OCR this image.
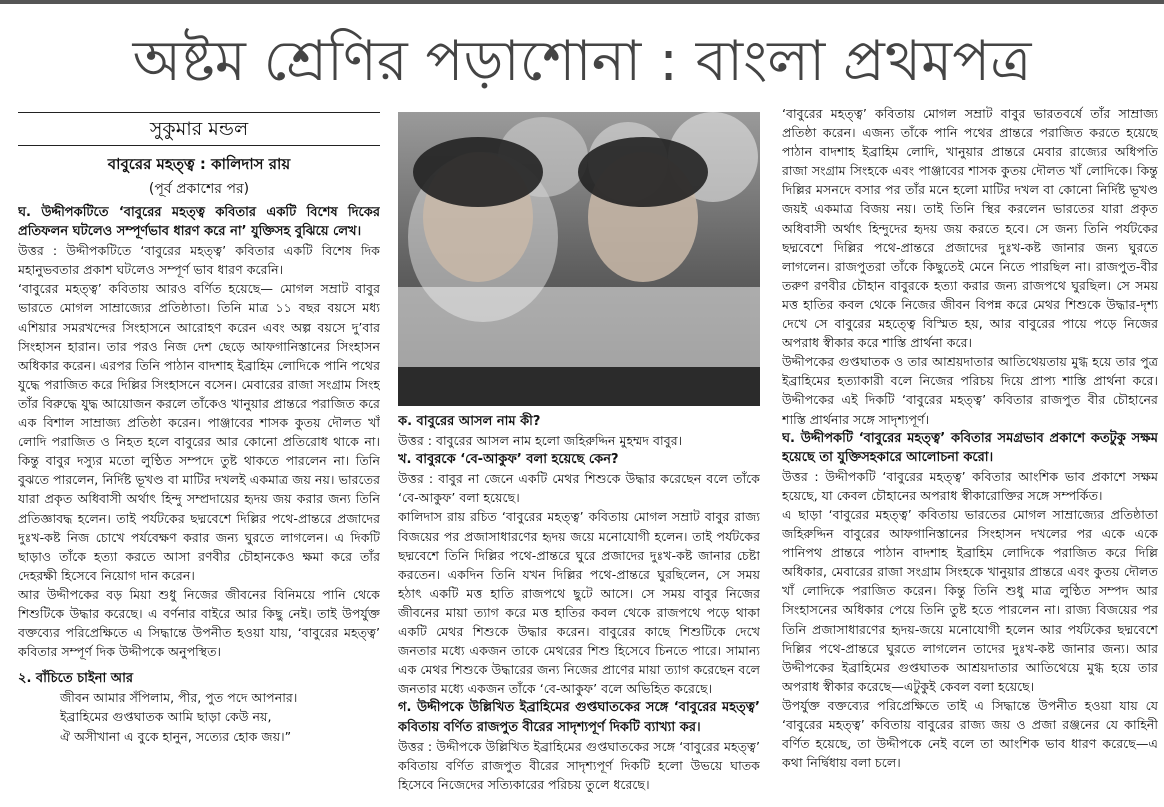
অষ্টম শ্রেণির পড়াশোনা : বাংলা প্রথমপত্র
সুকুমার মন্ডল
বাবুরের মহত্ত্ব : কালিদাস রায়
(পূর্ব প্রকাশের পর)

ঘ. উদ্দীপকটিতে ‘বাবুরের মহত্ত্ব কবিতার একটি বিশেষ দিকের প্রতিফলন ঘটলেও সম্পূর্ণভাব ধারণ করে না’ যুক্তিসহ বুঝিয়ে লেখ।

উত্তর : উদ্দীপকটিতে ‘বাবুরের মহত্ত্ব’ কবিতার একটি বিশেষ দিক মহানুভবতার প্রকাশ ঘটলেও সম্পূর্ণ ভাব ধারণ করেনি।

‘বাবুরের মহত্ত্ব’ কবিতায় আরও বর্ণিত হয়েছে— মোগল সম্রাট বাবুর ভারতে মোগল সাম্রাজ্যের প্রতিষ্ঠাতা। তিনি মাত্র ১১ বছর বয়সে মধ্য এশিয়ার সমরখন্দের সিংহাসনে আরোহণ করেন এবং অল্প বয়সে দু’বার সিংহাসন হারান। তার পরও নিজ দেশ ছেড়ে আফগানিস্তানের সিংহাসন অধিকার করেন। এরপর তিনি পাঠান বাদশাহ ইব্রাহিম লোদিকে পানি পথের যুদ্ধে পরাজিত করে দিল্লির সিংহাসনে বসেন। মেবারের রাজা সংগ্রাম সিংহ তাঁর বিরুদ্ধে যুদ্ধ আয়োজন করলে তাঁকেও খানুয়ার প্রান্তরে পরাজিত করে এক বিশাল সাম্রাজ্য প্রতিষ্ঠা করেন। পাঞ্জাবের শাসক কুতয় দৌলত খাঁ লোদি পরাজিত ও নিহত হলে বাবুরের আর কোনো প্রতিরোধ থাকে না। কিন্তু বাবুর দস্যুর মতো লুণ্ঠিত সম্পদে তুষ্ট থাকতে পারলেন না। তিনি বুঝতে পারলেন, নির্দিষ্ট ভূখণ্ড বা মাটির দখলই একমাত্র জয় নয়। ভারতের যারা প্রকৃত অধিবাসী অর্থাৎ হিন্দু সম্প্রদায়ের হৃদয় জয় করার জন্য তিনি প্রতিজ্ঞাবদ্ধ হলেন। তাই পর্যটকের ছদ্মবেশে দিল্লির পথে-প্রান্তরে প্রজাদের দুঃখ-কষ্ট নিজ চোখে পর্যবেক্ষণ করার জন্য ঘুরতে লাগলেন। এ দিকটি ছাড়াও তাঁকে হত্যা করতে আসা রণবীর চৌহানকেও ক্ষমা করে তাঁর দেহরক্ষী হিসেবে নিয়োগ দান করেন।

আর উদ্দীপকের বড় মিয়া শুধু নিজের জীবনের বিনিময়ে পানি থেকে শিশুটিকে উদ্ধার করেছে। এ বর্ণনার বাইরে আর কিছু নেই। তাই উপর্যুক্ত বক্তব্যের পরিপ্রেক্ষিতে এ সিদ্ধান্তে উপনীত হওয়া যায়, ‘বাবুরের মহত্ত্ব’ কবিতার সম্পূর্ণ দিক উদ্দীপকে অনুপস্থিত।

২. বাঁচিতে চাইনা আর

জীবন আমার সঁপিলাম, পীর, পুত পদে আপনার।

ইব্রাহিমের গুপ্তঘাতক আমি ছাড়া কেউ নয়,

ঐ অসীখানা এ বুকে হানুন, সত্যের হোক জয়।”

ক. বাবুরের আসল নাম কী?

উত্তর : বাবুরের আসল নাম হলো জহিরুদ্দিন মুহম্মদ বাবুর।

খ. বাবুরকে ‘বে-আকুফ’ বলা হয়েছে কেন?

উত্তর : বাবুর না জেনে একটি মেথর শিশুকে উদ্ধার করেছেন বলে তাঁকে ‘বে-আকুফ’ বলা হয়েছে।

কালিদাস রায় রচিত ‘বাবুরের মহত্ত্ব’ কবিতায় মোগল সম্রাট বাবুর রাজ্য বিজয়ের পর প্রজাসাধারণের হৃদয় জয়ে মনোযোগী হলেন। তাই পর্যটকের ছদ্মবেশে তিনি দিল্লির পথে-প্রান্তরে ঘুরে প্রজাদের দুঃখ-কষ্ট জানার চেষ্টা করতেন। একদিন তিনি যখন দিল্লির পথে-প্রান্তরে ঘুরছিলেন, সে সময় হঠাৎ একটি মত্ত হাতি রাজপথে ছুটে আসে। সে সময় বাবুর নিজের জীবনের মায়া ত্যাগ করে মত্ত হাতির কবল থেকে রাজপথে পড়ে থাকা একটি মেথর শিশুকে উদ্ধার করেন। বাবুরের কাছে শিশুটিকে দেখে জনতার মধ্যে একজন তাকে মেথরের শিশু হিসেবে চিনতে পারে। সামান্য এক মেথর শিশুকে উদ্ধারের জন্য নিজের প্রাণের মায়া ত্যাগ করেছেন বলে জনতার মধ্যে একজন তাঁকে ‘বে-আকুফ’ বলে অভিহিত করেছে।

গ. উদ্দীপকে উল্লিখিত ইব্রাহিমের গুপ্তঘাতকের সঙ্গে ‘বাবুরের মহত্ত্ব’ কবিতায় বর্ণিত রাজপুত বীরের সাদৃশ্যপূর্ণ দিকটি ব্যাখ্যা কর।

উত্তর : উদ্দীপকে উল্লিখিত ইব্রাহিমের গুপ্তঘাতকের সঙ্গে ‘বাবুরের মহত্ত্ব’ কবিতায় বর্ণিত রাজপুত বীরের সাদৃশ্যপূর্ণ দিকটি হলো উভয়ে ঘাতক হিসেবে নিজেদের সত্যিকারের পরিচয় তুলে ধরেছে।

‘বাবুরের মহত্ত্ব’ কবিতায় মোগল সম্রাট বাবুর ভারতবর্ষে তাঁর সাম্রাজ্য প্রতিষ্ঠা করেন। এজন্য তাঁকে পানি পথের প্রান্তরে পরাজিত করতে হয়েছে পাঠান বাদশাহ ইব্রাহিম লোদি, খানুয়ার প্রান্তরে মেবার রাজ্যের অধিপতি রাজা সংগ্রাম সিংহকে এবং পাঞ্জাবের শাসক কুতয় দৌলত খাঁ লোদিকে। কিন্তু দিল্লির মসনদে বসার পর তাঁর মনে হলো মাটির দখল বা কোনো নির্দিষ্ট ভূখণ্ড জয়ই একমাত্র বিজয় নয়। তাই তিনি স্থির করলেন ভারতের যারা প্রকৃত অধিবাসী অর্থাৎ হিন্দুদের হৃদয় জয় করতে হবে। সে জন্য তিনি পর্যটকের ছদ্মবেশে দিল্লির পথে-প্রান্তরে প্রজাদের দুঃখ-কষ্ট জানার জন্য ঘুরতে লাগলেন। রাজপুতরা তাঁকে কিছুতেই মেনে নিতে পারছিল না। রাজপুত-বীর তরুণ রণবীর চৌহান বাবুরকে হত্যা করার জন্য রাজপথে ঘুরছিল। সে সময় মত্ত হাতির কবল থেকে নিজের জীবন বিপন্ন করে মেথর শিশুকে উদ্ধার-দৃশ্য দেখে সে বাবুরের মহত্ত্বে বিস্মিত হয়, আর বাবুরের পায়ে পড়ে নিজের অপরাধ স্বীকার করে শাস্তি প্রার্থনা করে।

উদ্দীপকের গুপ্তঘাতক ও তার আশ্রয়দাতার আতিথেয়তায় মুগ্ধ হয়ে তার পুত্র ইব্রাহিমের হত্যাকারী বলে নিজের পরিচয় দিয়ে প্রাপ্য শাস্তি প্রার্থনা করে। উদ্দীপকের এই দিকটি ‘বাবুরের মহত্ত্ব’ কবিতার রাজপুত বীর চৌহানের শাস্তি প্রার্থনার সঙ্গে সাদৃশ্যপূর্ণ।

ঘ. উদ্দীপকটি ‘বাবুরের মহত্ত্ব’ কবিতার সমগ্রভাব প্রকাশে কতটুকু সক্ষম হয়েছে তা যুক্তিসহকারে আলোচনা করো।

উত্তর : উদ্দীপকটি ‘বাবুরের মহত্ত্ব’ কবিতার আংশিক ভাব প্রকাশে সক্ষম হয়েছে, যা কেবল চৌহানের অপরাধ স্বীকারোক্তির সঙ্গে সম্পর্কিত।

এ ছাড়া ‘বাবুরের মহত্ত্ব’ কবিতায় ভারতের মোগল সাম্রাজ্যের প্রতিষ্ঠাতা জহিরুদ্দিন বাবুরের আফগানিস্তানের সিংহাসন দখলের পর একে একে পানিপথ প্রান্তরে পাঠান বাদশাহ ইব্রাহিম লোদিকে পরাজিত করে দিল্লি অধিকার, মেবারের রাজা সংগ্রাম সিংহকে খানুয়ার প্রান্তরে এবং কুতয় দৌলত খাঁ লোদিকে পরাজিত করেন। কিন্তু তিনি শুধু মাত্র লুণ্ঠিত সম্পদ আর সিংহাসনের অধিকার পেয়ে তিনি তুষ্ট হতে পারলেন না। রাজ্য বিজয়ের পর তিনি প্রজাসাধারণের হৃদয়-জয়ে মনোযোগী হলেন আর পর্যটকের ছদ্মবেশে দিল্লির পথে-প্রান্তরে ঘুরতে লাগলেন তাদের দুঃখ-কষ্ট জানার জন্য। আর উদ্দীপকের ইব্রাহিমের গুপ্তঘাতক আশ্রয়দাতার আতিথেয়ে মুগ্ধ হয়ে তার অপরাধ স্বীকার করেছে—এটুকুই কেবল বলা হয়েছে।

উপর্যুক্ত বক্তব্যের পরিপ্রেক্ষিতে তাই এ সিদ্ধান্তে উপনীত হওয়া যায় যে ‘বাবুরের মহত্ত্ব’ কবিতায় বাবুরের রাজ্য জয় ও প্রজা রঞ্জনের যে কাহিনী বর্ণিত হয়েছে, তা উদ্দীপকে নেই বলে তা আংশিক ভাব ধারণ করেছে—এ কথা নির্দ্বিধায় বলা চলে।
